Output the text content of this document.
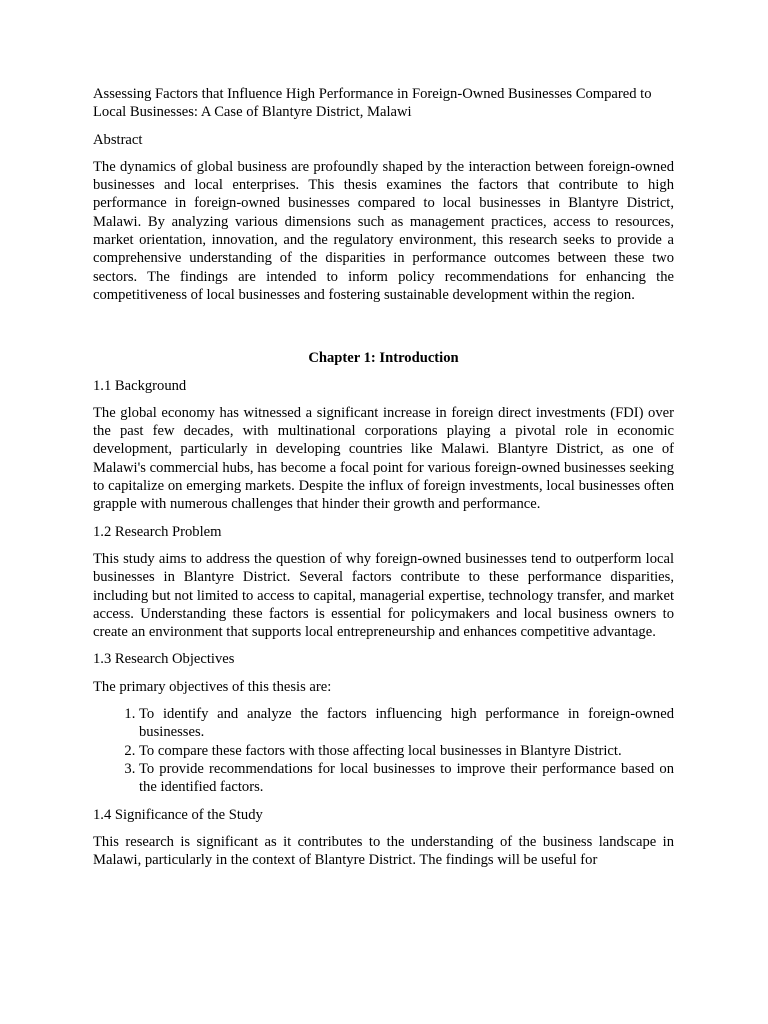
Assessing Factors that Influence High Performance in Foreign-Owned Businesses Compared to Local Businesses: A Case of Blantyre District, Malawi

Abstract

The dynamics of global business are profoundly shaped by the interaction between foreign-owned businesses and local enterprises. This thesis examines the factors that contribute to high performance in foreign-owned businesses compared to local businesses in Blantyre District, Malawi. By analyzing various dimensions such as management practices, access to resources, market orientation, innovation, and the regulatory environment, this research seeks to provide a comprehensive understanding of the disparities in performance outcomes between these two sectors. The findings are intended to inform policy recommendations for enhancing the competitiveness of local businesses and fostering sustainable development within the region.

Chapter 1: Introduction

1.1 Background

The global economy has witnessed a significant increase in foreign direct investments (FDI) over the past few decades, with multinational corporations playing a pivotal role in economic development, particularly in developing countries like Malawi. Blantyre District, as one of Malawi's commercial hubs, has become a focal point for various foreign-owned businesses seeking to capitalize on emerging markets. Despite the influx of foreign investments, local businesses often grapple with numerous challenges that hinder their growth and performance.

1.2 Research Problem

This study aims to address the question of why foreign-owned businesses tend to outperform local businesses in Blantyre District. Several factors contribute to these performance disparities, including but not limited to access to capital, managerial expertise, technology transfer, and market access. Understanding these factors is essential for policymakers and local business owners to create an environment that supports local entrepreneurship and enhances competitive advantage.

1.3 Research Objectives

The primary objectives of this thesis are:

1. To identify and analyze the factors influencing high performance in foreign-owned businesses.
2. To compare these factors with those affecting local businesses in Blantyre District.
3. To provide recommendations for local businesses to improve their performance based on the identified factors.

1.4 Significance of the Study

This research is significant as it contributes to the understanding of the business landscape in Malawi, particularly in the context of Blantyre District. The findings will be useful for
